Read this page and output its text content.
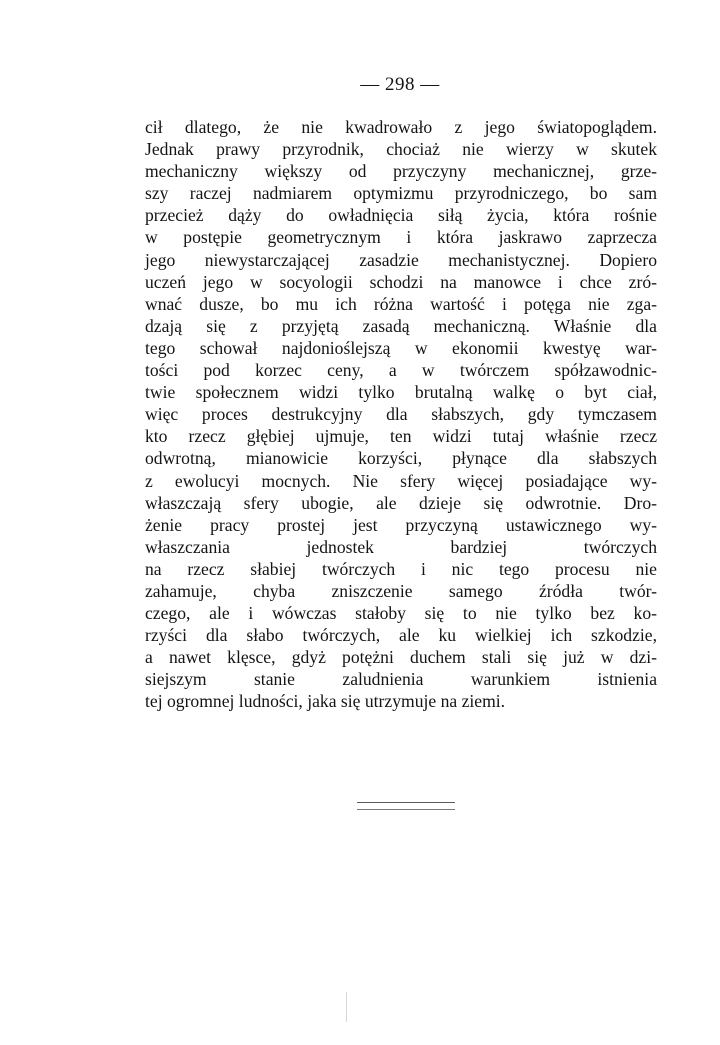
— 298 —
cił dlatego, że nie kwadrowało z jego światopoglądem.
Jednak prawy przyrodnik, chociaż nie wierzy w skutek
mechaniczny większy od przyczyny mechanicznej, grze-
szy raczej nadmiarem optymizmu przyrodniczego, bo sam
przecież dąży do owładnięcia siłą życia, która rośnie
w postępie geometrycznym i która jaskrawo zaprzecza
jego niewystarczającej zasadzie mechanistycznej. Dopiero
uczeń jego w socyologii schodzi na manowce i chce zró-
wnać dusze, bo mu ich różna wartość i potęga nie zga-
dzają się z przyjętą zasadą mechaniczną. Właśnie dla
tego schował najdonioślejszą w ekonomii kwestyę war-
tości pod korzec ceny, a w twórczem spółzawodnic-
twie społecznem widzi tylko brutalną walkę o byt ciał,
więc proces destrukcyjny dla słabszych, gdy tymczasem
kto rzecz głębiej ujmuje, ten widzi tutaj właśnie rzecz
odwrotną, mianowicie korzyści, płynące dla słabszych
z ewolucyi mocnych. Nie sfery więcej posiadające wy-
właszczają sfery ubogie, ale dzieje się odwrotnie. Dro-
żenie pracy prostej jest przyczyną ustawicznego wy-
właszczania jednostek bardziej twórczych
na rzecz słabiej twórczych i nic tego procesu nie
zahamuje, chyba zniszczenie samego źródła twór-
czego, ale i wówczas stałoby się to nie tylko bez ko-
rzyści dla słabo twórczych, ale ku wielkiej ich szkodzie,
a nawet klęsce, gdyż potężni duchem stali się już w dzi-
siejszym stanie zaludnienia warunkiem istnienia
tej ogromnej ludności, jaka się utrzymuje na ziemi.
